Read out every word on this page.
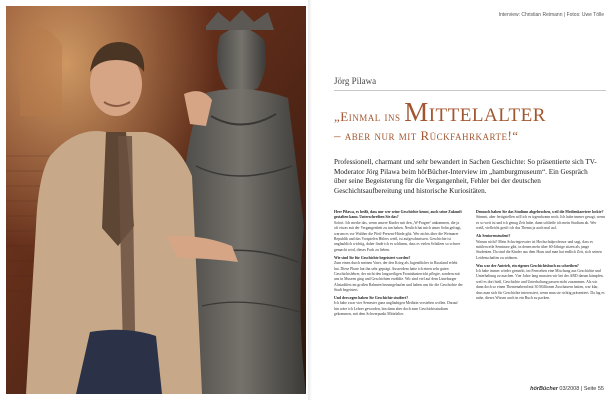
Interview: Christian Reimann | Fotos: Uwe Tölle
Jörg Pilawa
„Einmal ins Mittelalter
– aber nur mit Rückfahrkarte!“

Professionell, charmant und sehr bewandert in Sachen Geschichte: So präsentierte sich TV-Moderator Jörg Pilawa beim hörBücher-Interview im „hamburgmuseum“. Ein Gespräch über seine Begeisterung für die Vergangenheit, Fehler bei der deutschen Geschichtsaufbereitung und historische Kuriositäten.

Herr Pilawa, es heißt, dass nur wer seine Geschichte kennt, auch seine Zukunft gestalten kann. Unterschreiben Sie das?
Sofort. Ich merke das, wenn unsere Kinder mit den „W-Fragen“ ankommen, die ja oft etwas mit der Vergangenheit zu tun haben. Neulich hat mich unser Sohn gefragt, warum es vor Walther die Pfeif-Present-Hürde gibt. Wer nichts über die Weimarer Republik und das Vorspielen Hitlers weiß, ist aufgeschmissen. Geschichte ist unglaublich wichtig, daher finde ich es schlimm, dass es vielen Schülern so schwer gemacht wird, dieses Fach zu lieben.

Wie sind Sie für Geschichte begeistert worden?
Zum einen durch meinen Vater, der den Krieg als Jugendlicher in Russland erlebt hat. Diese Phase hat ihn sehr geprägt. Ausserdem hatte ich einen sehr guten Geschichtslehrer, der nicht den langweiligen Frontalunterricht pflegte, sondern mit uns in Museen ging und Geschichten erzählte. Wir sind viel auf dem Lüneburger Altstadtfest im großen Rahmen herumgelaufen und haben uns für die Geschichte der Stadt begeistert.

Und deswegen haben Sie Geschichte studiert?
Ich habe zwar vier Semester ganz ungläubigen Medizin verstehen wollen. Darauf hin wäre ich Lehrer geworden, bin dann aber doch zum Geschichtsstudium gekommen, mit dem Schwerpunkt Mittelalter.

Dennoch haben Sie das Studium abgebrochen, weil die Medienkarriere lockte?
Stimmt, aber fertigstellen will ich es irgendwann noch. Ich habe immer gesagt, wenn es so weit ist und ich genug Zeit habe, dann schließe ich mein Studium ab. Wer weiß, vielleicht greift ich das Thema ja auch mal auf.

Als Seniorenstudent?
Warum nicht? Mein Schwiegervater ist Hochschulprofessor und sagt, dass es mittlerweile Seminare gibt, in denen mehr über 60-Jährige sitzen als junge Studenten. Da sind die Kinder aus dem Haus und man hat endlich Zeit, sich seinen Leidenschaften zu widmen.

Was war der Antrieb, ein eigenes Geschichtsbuch zu schreiben?
Ich habe immer wieder gemerkt, im Fernsehen eine Mischung aus Geschichte und Unterhaltung zu machen. Vier Jahre lang mussten wir bei der ARD darum kämpfen, weil es dort hieß, Geschichte und Unterhaltung passen nicht zusammen. Als wir dann doch so einen Themenabend mit 30 Millionen Zuschauern hatten, war klar, dass man sich für Geschichte interessiert, wenn man sie richtig präsentiert. Da lag es nahe, dieses Wissen auch in ein Buch zu packen.

hörBücher 03/2008 | Seite 55
